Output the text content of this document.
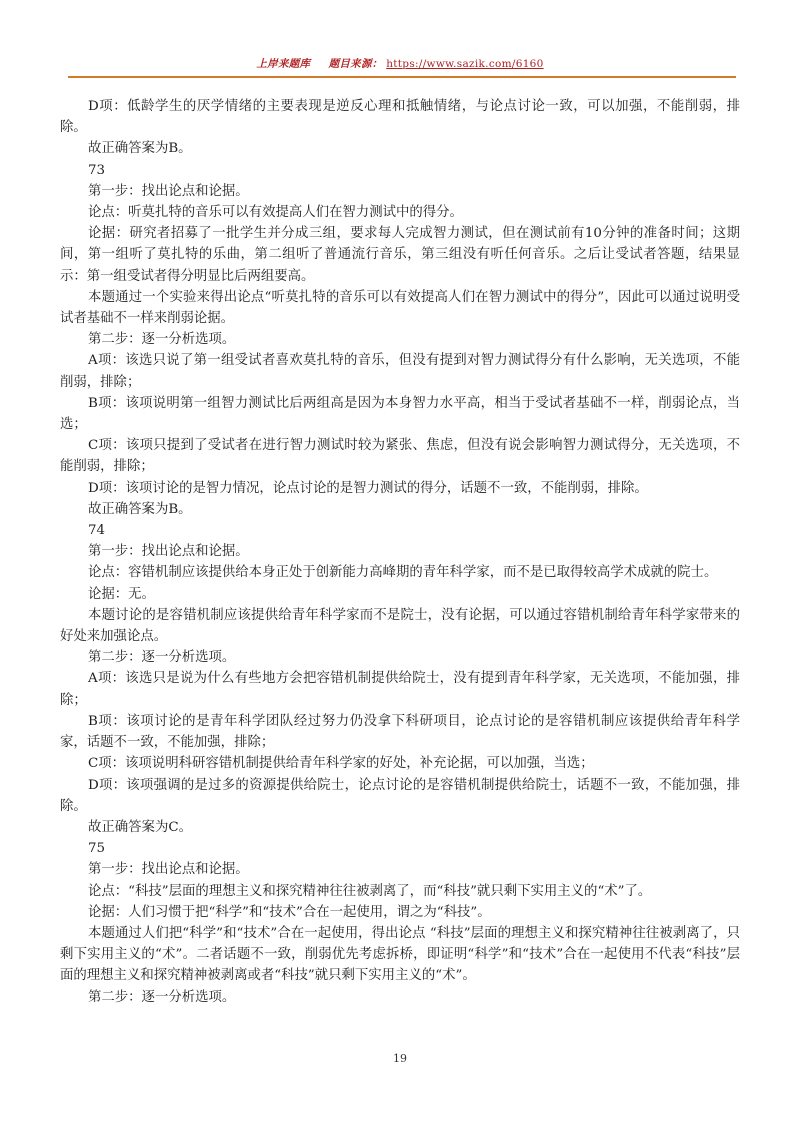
上岸来题库 题目来源： https://www.sazik.com/6160

D项：低龄学生的厌学情绪的主要表现是逆反心理和抵触情绪，与论点讨论一致，可以加强，不能削弱，排除。

故正确答案为B。

73

第一步：找出论点和论据。

论点：听莫扎特的音乐可以有效提高人们在智力测试中的得分。

论据：研究者招募了一批学生并分成三组，要求每人完成智力测试，但在测试前有10分钟的准备时间；这期间，第一组听了莫扎特的乐曲，第二组听了普通流行音乐，第三组没有听任何音乐。之后让受试者答题，结果显示：第一组受试者得分明显比后两组要高。

本题通过一个实验来得出论点“听莫扎特的音乐可以有效提高人们在智力测试中的得分”，因此可以通过说明受试者基础不一样来削弱论据。

第二步：逐一分析选项。

A项：该选只说了第一组受试者喜欢莫扎特的音乐，但没有提到对智力测试得分有什么影响，无关选项，不能削弱，排除；

B项：该项说明第一组智力测试比后两组高是因为本身智力水平高，相当于受试者基础不一样，削弱论点，当选；

C项：该项只提到了受试者在进行智力测试时较为紧张、焦虑，但没有说会影响智力测试得分，无关选项，不能削弱，排除；

D项：该项讨论的是智力情况，论点讨论的是智力测试的得分，话题不一致，不能削弱，排除。

故正确答案为B。

74

第一步：找出论点和论据。

论点：容错机制应该提供给本身正处于创新能力高峰期的青年科学家，而不是已取得较高学术成就的院士。

论据：无。

本题讨论的是容错机制应该提供给青年科学家而不是院士，没有论据，可以通过容错机制给青年科学家带来的好处来加强论点。

第二步：逐一分析选项。

A项：该选只是说为什么有些地方会把容错机制提供给院士，没有提到青年科学家，无关选项，不能加强，排除；

B项：该项讨论的是青年科学团队经过努力仍没拿下科研项目，论点讨论的是容错机制应该提供给青年科学家，话题不一致，不能加强，排除；

C项：该项说明科研容错机制提供给青年科学家的好处，补充论据，可以加强，当选；

D项：该项强调的是过多的资源提供给院士，论点讨论的是容错机制提供给院士，话题不一致，不能加强，排除。

故正确答案为C。

75

第一步：找出论点和论据。

论点：“科技”层面的理想主义和探究精神往往被剥离了，而“科技”就只剩下实用主义的“术”了。

论据：人们习惯于把“科学”和“技术”合在一起使用，谓之为“科技”。

本题通过人们把“科学”和“技术”合在一起使用，得出论点 “科技”层面的理想主义和探究精神往往被剥离了，只剩下实用主义的“术”。二者话题不一致，削弱优先考虑拆桥，即证明“科学”和“技术”合在一起使用不代表“科技”层面的理想主义和探究精神被剥离或者“科技”就只剩下实用主义的“术”。

第二步：逐一分析选项。

19
